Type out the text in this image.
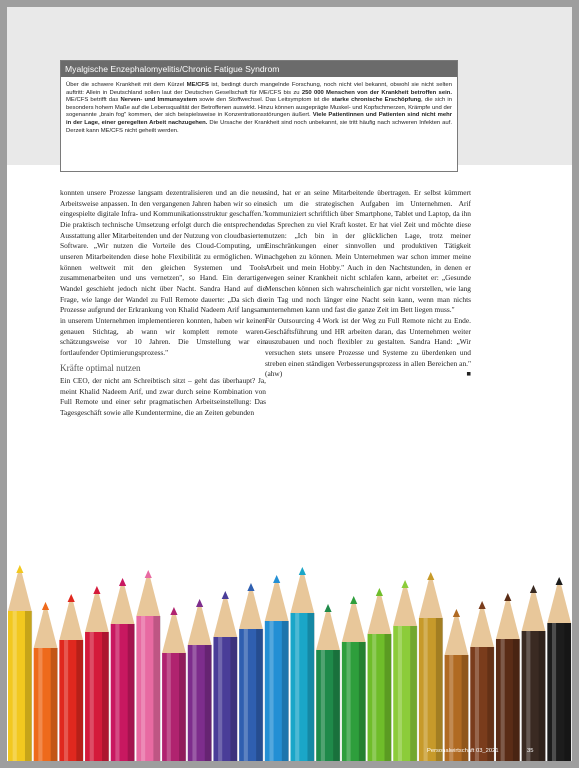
Myalgische Enzephalomyelitis/Chronic Fatigue Syndrom

Über die schwere Krankheit mit dem Kürzel ME/CFS ist, bedingt durch mangelnde Forschung, noch nicht viel bekannt, obwohl sie nicht selten auftritt: Allein in Deutschland sollen laut der Deutschen Gesellschaft für ME/CFS bis zu 250 000 Menschen von der Krankheit betroffen sein. ME/CFS betrifft das Nerven- und Immunsystem sowie den Stoffwechsel. Das Leitsymptom ist die starke chronische Erschöpfung, die sich in besonders hohem Maße auf die Lebensqualität der Betroffenen auswirkt. Hinzu können ausgeprägte Muskel- und Kopfschmerzen, Krämpfe und der sogenannte „brain fog" kommen, der sich beispielsweise in Konzentrationsstörungen äußert. Viele Patientinnen und Patienten sind nicht mehr in der Lage, einer geregelten Arbeit nachzugehen. Die Ursache der Krankheit sind noch unbekannt, sie tritt häufig nach schweren Infekten auf. Derzeit kann ME/CFS nicht geheilt werden.

konnten unsere Prozesse langsam dezentralisieren und an die neue Arbeitsweise anpassen. In den vergangenen Jahren haben wir so eine eingespielte digitale Infra- und Kommunikationsstruktur geschaffen." Die praktisch technische Umsetzung erfolgt durch die entsprechende Ausstattung aller Mitarbeitenden und der Nutzung von cloudbasierter Software. „Wir nutzen die Vorteile des Cloud-Computing, um unseren Mitarbeitenden diese hohe Flexibilität zu ermöglichen. Wir können weltweit mit den gleichen Systemen und Tools zusammenarbeiten und uns vernetzen", so Hand. Ein derartiger Wandel geschieht jedoch nicht über Nacht. Sandra Hand auf die Frage, wie lange der Wandel zu Full Remote dauerte: „Da sich die Prozesse aufgrund der Erkrankung von Khalid Nadeem Arif langsam in unserem Unternehmen implementieren konnten, haben wir keinen genauen Stichtag, ab wann wir komplett remote waren- schätzungsweise vor 10 Jahren. Die Umstellung war ein fortlaufender Optimierungsprozess."

Kräfte optimal nutzen

Ein CEO, der nicht am Schreibtisch sitzt – geht das überhaupt? Ja, meint Khalid Nadeem Arif, und zwar durch seine Kombination von Full Remote und einer sehr pragmatischen Arbeitseinstellung: Das Tagesgeschäft sowie alle Kundentermine, die an Zeiten gebunden

sind, hat er an seine Mitarbeitende übertragen. Er selbst kümmert sich um die strategischen Aufgaben im Unternehmen. Arif kommuniziert schriftlich über Smartphone, Tablet und Laptop, da ihn das Sprechen zu viel Kraft kostet. Er hat viel Zeit und möchte diese nutzen: „Ich bin in der glücklichen Lage, trotz meiner Einschränkungen einer sinnvollen und produktiven Tätigkeit nachgehen zu können. Mein Unternehmen war schon immer meine Arbeit und mein Hobby." Auch in den Nachtstunden, in denen er wegen seiner Krankheit nicht schlafen kann, arbeitet er: „Gesunde Menschen können sich wahrscheinlich gar nicht vorstellen, wie lang ein Tag und noch länger eine Nacht sein kann, wenn man nichts unternehmen kann und fast die ganze Zeit im Bett liegen muss."

Für Outsourcing 4 Work ist der Weg zu Full Remote nicht zu Ende. Geschäftsführung und HR arbeiten daran, das Unternehmen weiter auszubauen und noch flexibler zu gestalten. Sandra Hand: „Wir versuchen stets unsere Prozesse und Systeme zu überdenken und streben einen ständigen Verbesserungsprozess in allen Bereichen an." (ahw)	■

Personalwirtschaft 03_2021	35
